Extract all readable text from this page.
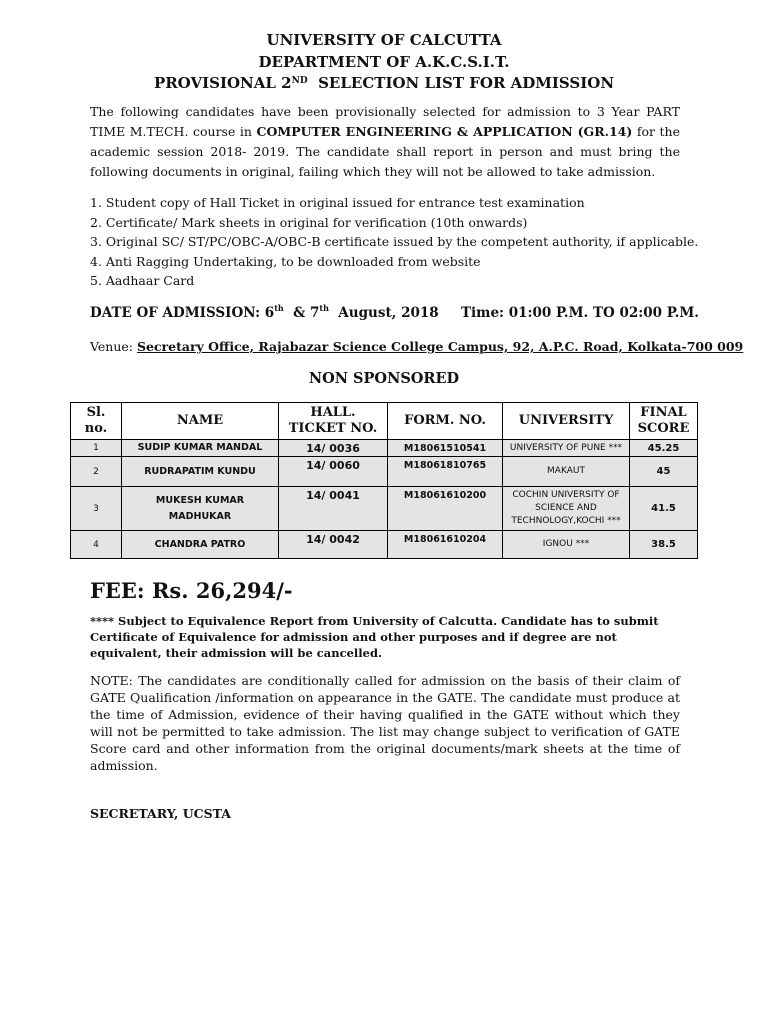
UNIVERSITY OF CALCUTTA
DEPARTMENT OF A.K.C.S.I.T.
PROVISIONAL 2ND  SELECTION LIST FOR ADMISSION
The following candidates have been provisionally selected for admission to 3 Year PART TIME M.TECH. course in COMPUTER ENGINEERING & APPLICATION (GR.14) for the academic session 2018- 2019. The candidate shall report in person and must bring the following documents in original, failing which they will not be allowed to take admission.
1. Student copy of Hall Ticket in original issued for entrance test examination
2. Certificate/ Mark sheets in original for verification (10th onwards)
3. Original SC/ ST/PC/OBC-A/OBC-B certificate issued by the competent authority, if applicable.
4. Anti Ragging Undertaking, to be downloaded from website
5. Aadhaar Card
DATE OF ADMISSION: 6th  & 7th  August, 2018 Time: 01:00 P.M. TO 02:00 P.M.
Venue: Secretary Office, Rajabazar Science College Campus, 92, A.P.C. Road, Kolkata-700 009
NON SPONSORED
Sl. no.	NAME	HALL. TICKET NO.	FORM. NO.	UNIVERSITY	FINAL SCORE
1	SUDIP KUMAR MANDAL	14/ 0036	M18061510541	UNIVERSITY OF PUNE ***	45.25
2	RUDRAPATIM KUNDU	14/ 0060	M18061810765	MAKAUT	45
3	MUKESH KUMAR MADHUKAR	14/ 0041	M18061610200	COCHIN UNIVERSITY OF SCIENCE AND TECHNOLOGY,KOCHI ***	41.5
4	CHANDRA PATRO	14/ 0042	M18061610204	IGNOU ***	38.5
FEE: Rs. 26,294/-
**** Subject to Equivalence Report from University of Calcutta. Candidate has to submit Certificate of Equivalence for admission and other purposes and if degree are not equivalent, their admission will be cancelled.
NOTE: The candidates are conditionally called for admission on the basis of their claim of GATE Qualification /information on appearance in the GATE. The candidate must produce at the time of Admission, evidence of their having qualified in the GATE without which they will not be permitted to take admission. The list may change subject to verification of GATE Score card and other information from the original documents/mark sheets at the time of admission.
SECRETARY, UCSTA
